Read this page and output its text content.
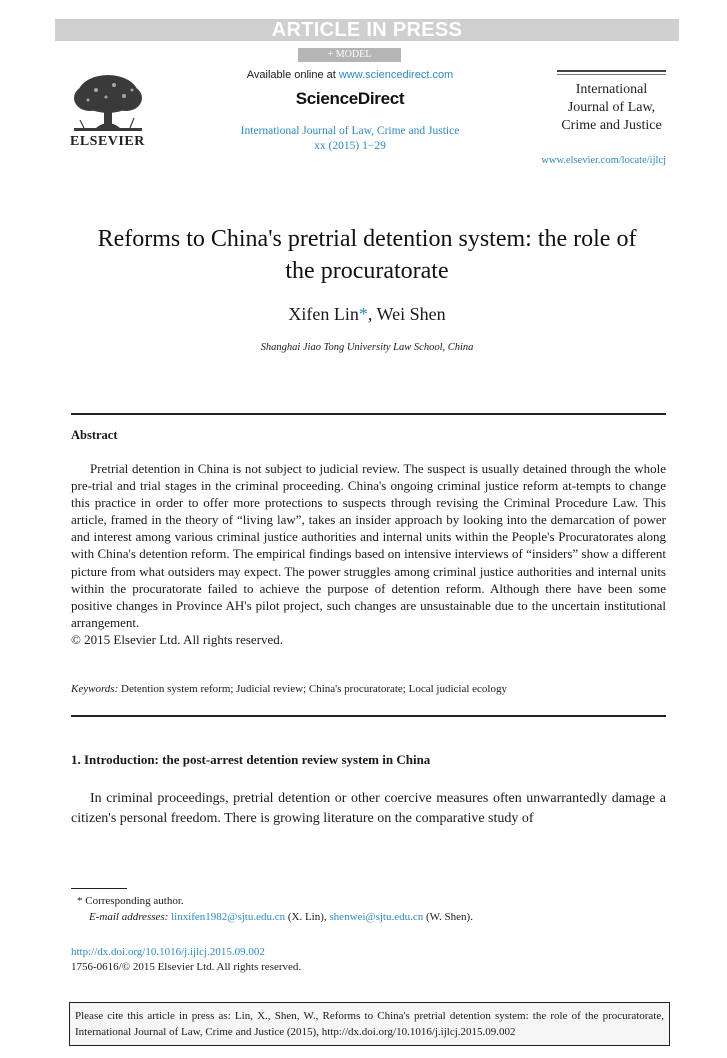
ARTICLE IN PRESS
+ MODEL
ELSEVIER
Available online at www.sciencedirect.com
ScienceDirect
International Journal of Law, Crime and Justice
xx (2015) 1−29
International
Journal of Law,
Crime and Justice
www.elsevier.com/locate/ijlcj
Reforms to China's pretrial detention system: the role of
the procuratorate
Xifen Lin*, Wei Shen
Shanghai Jiao Tong University Law School, China
Abstract

Pretrial detention in China is not subject to judicial review. The suspect is usually detained through the whole pre-trial and trial stages in the criminal proceeding. China's ongoing criminal justice reform at-tempts to change this practice in order to offer more protections to suspects through revising the Criminal Procedure Law. This article, framed in the theory of “living law”, takes an insider approach by looking into the demarcation of power and interest among various criminal justice authorities and internal units within the People's Procuratorates along with China's detention reform. The empirical findings based on intensive interviews of “insiders” show a different picture from what outsiders may expect. The power struggles among criminal justice authorities and internal units within the procuratorate failed to achieve the purpose of detention reform. Although there have been some positive changes in Province AH's pilot project, such changes are unsustainable due to the uncertain institutional arrangement.

© 2015 Elsevier Ltd. All rights reserved.
Keywords: Detention system reform; Judicial review; China's procuratorate; Local judicial ecology
1. Introduction: the post-arrest detention review system in China

In criminal proceedings, pretrial detention or other coercive measures often unwarrantedly damage a citizen's personal freedom. There is growing literature on the comparative study of

* Corresponding author.
E-mail addresses: linxifen1982@sjtu.edu.cn (X. Lin), shenwei@sjtu.edu.cn (W. Shen).
http://dx.doi.org/10.1016/j.ijlcj.2015.09.002
1756-0616/© 2015 Elsevier Ltd. All rights reserved.
Please cite this article in press as: Lin, X., Shen, W., Reforms to China's pretrial detention system: the role of the procuratorate, International Journal of Law, Crime and Justice (2015), http://dx.doi.org/10.1016/j.ijlcj.2015.09.002
